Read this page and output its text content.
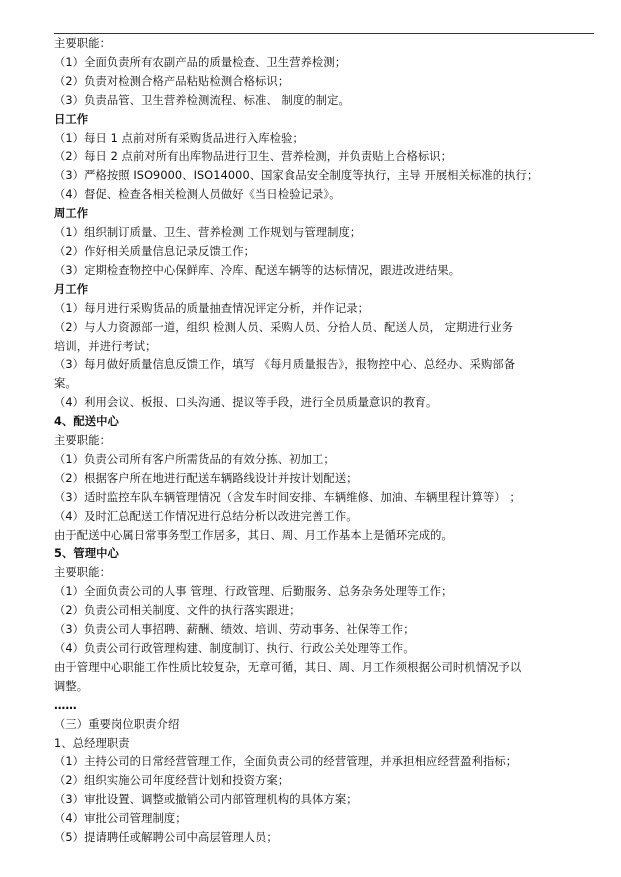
主要职能：
（1）全面负责所有农副产品的质量检查、卫生营养检测；
（2）负责对检测合格产品粘贴检测合格标识；
（3）负责品管、卫生营养检测流程、标准、 制度的制定。
日工作
（1）每日 1 点前对所有采购货品进行入库检验；
（2）每日 2 点前对所有出库物品进行卫生、营养检测，并负责贴上合格标识；
（3）严格按照 ISO9000、ISO14000、国家食品安全制度等执行，主导 开展相关标准的执行；
（4）督促、检查各相关检测人员做好《当日检验记录》。
周工作
（1）组织制订质量、卫生、营养检测 工作规划与管理制度；
（2）作好相关质量信息记录反馈工作；
（3）定期检查物控中心保鲜库、冷库、配送车辆等的达标情况，跟进改进结果。
月工作
（1）每月进行采购货品的质量抽查情况评定分析，并作记录；
（2）与人力资源部一道，组织 检测人员、采购人员、分拾人员、配送人员， 定期进行业务
培训，并进行考试；
（3）每月做好质量信息反馈工作，填写 《每月质量报告》，报物控中心、总经办、采购部备
案。
（4）利用会议、板报、口头沟通、提议等手段，进行全员质量意识的教育。
4、配送中心
主要职能：
（1）负责公司所有客户所需货品的有效分拣、初加工；
（2）根据客户所在地进行配送车辆路线设计并按计划配送；
（3）适时监控车队车辆管理情况（含发车时间安排、车辆维修、加油、车辆里程计算等） ；
（4）及时汇总配送工作情况进行总结分析以改进完善工作。
由于配送中心属日常事务型工作居多，其日、周、月工作基本上是循环完成的。
5、管理中心
主要职能：
（1）全面负责公司的人事 管理、行政管理、后勤服务、总务杂务处理等工作；
（2）负责公司相关制度、文件的执行落实跟进；
（3）负责公司人事招聘、薪酬、绩效、培训、劳动事务、社保等工作；
（4）负责公司行政管理构建、制度制订、执行、行政公关处理等工作。
由于管理中心职能工作性质比较复杂，无章可循，其日、周、月工作须根据公司时机情况予以
调整。
……
（三）重要岗位职责介绍
1、总经理职责
（1）主持公司的日常经营管理工作，全面负责公司的经营管理，并承担相应经营盈利指标；
（2）组织实施公司年度经营计划和投资方案；
（3）审批设置、调整或撤销公司内部管理机构的具体方案；
（4）审批公司管理制度；
（5）提请聘任或解聘公司中高层管理人员；
